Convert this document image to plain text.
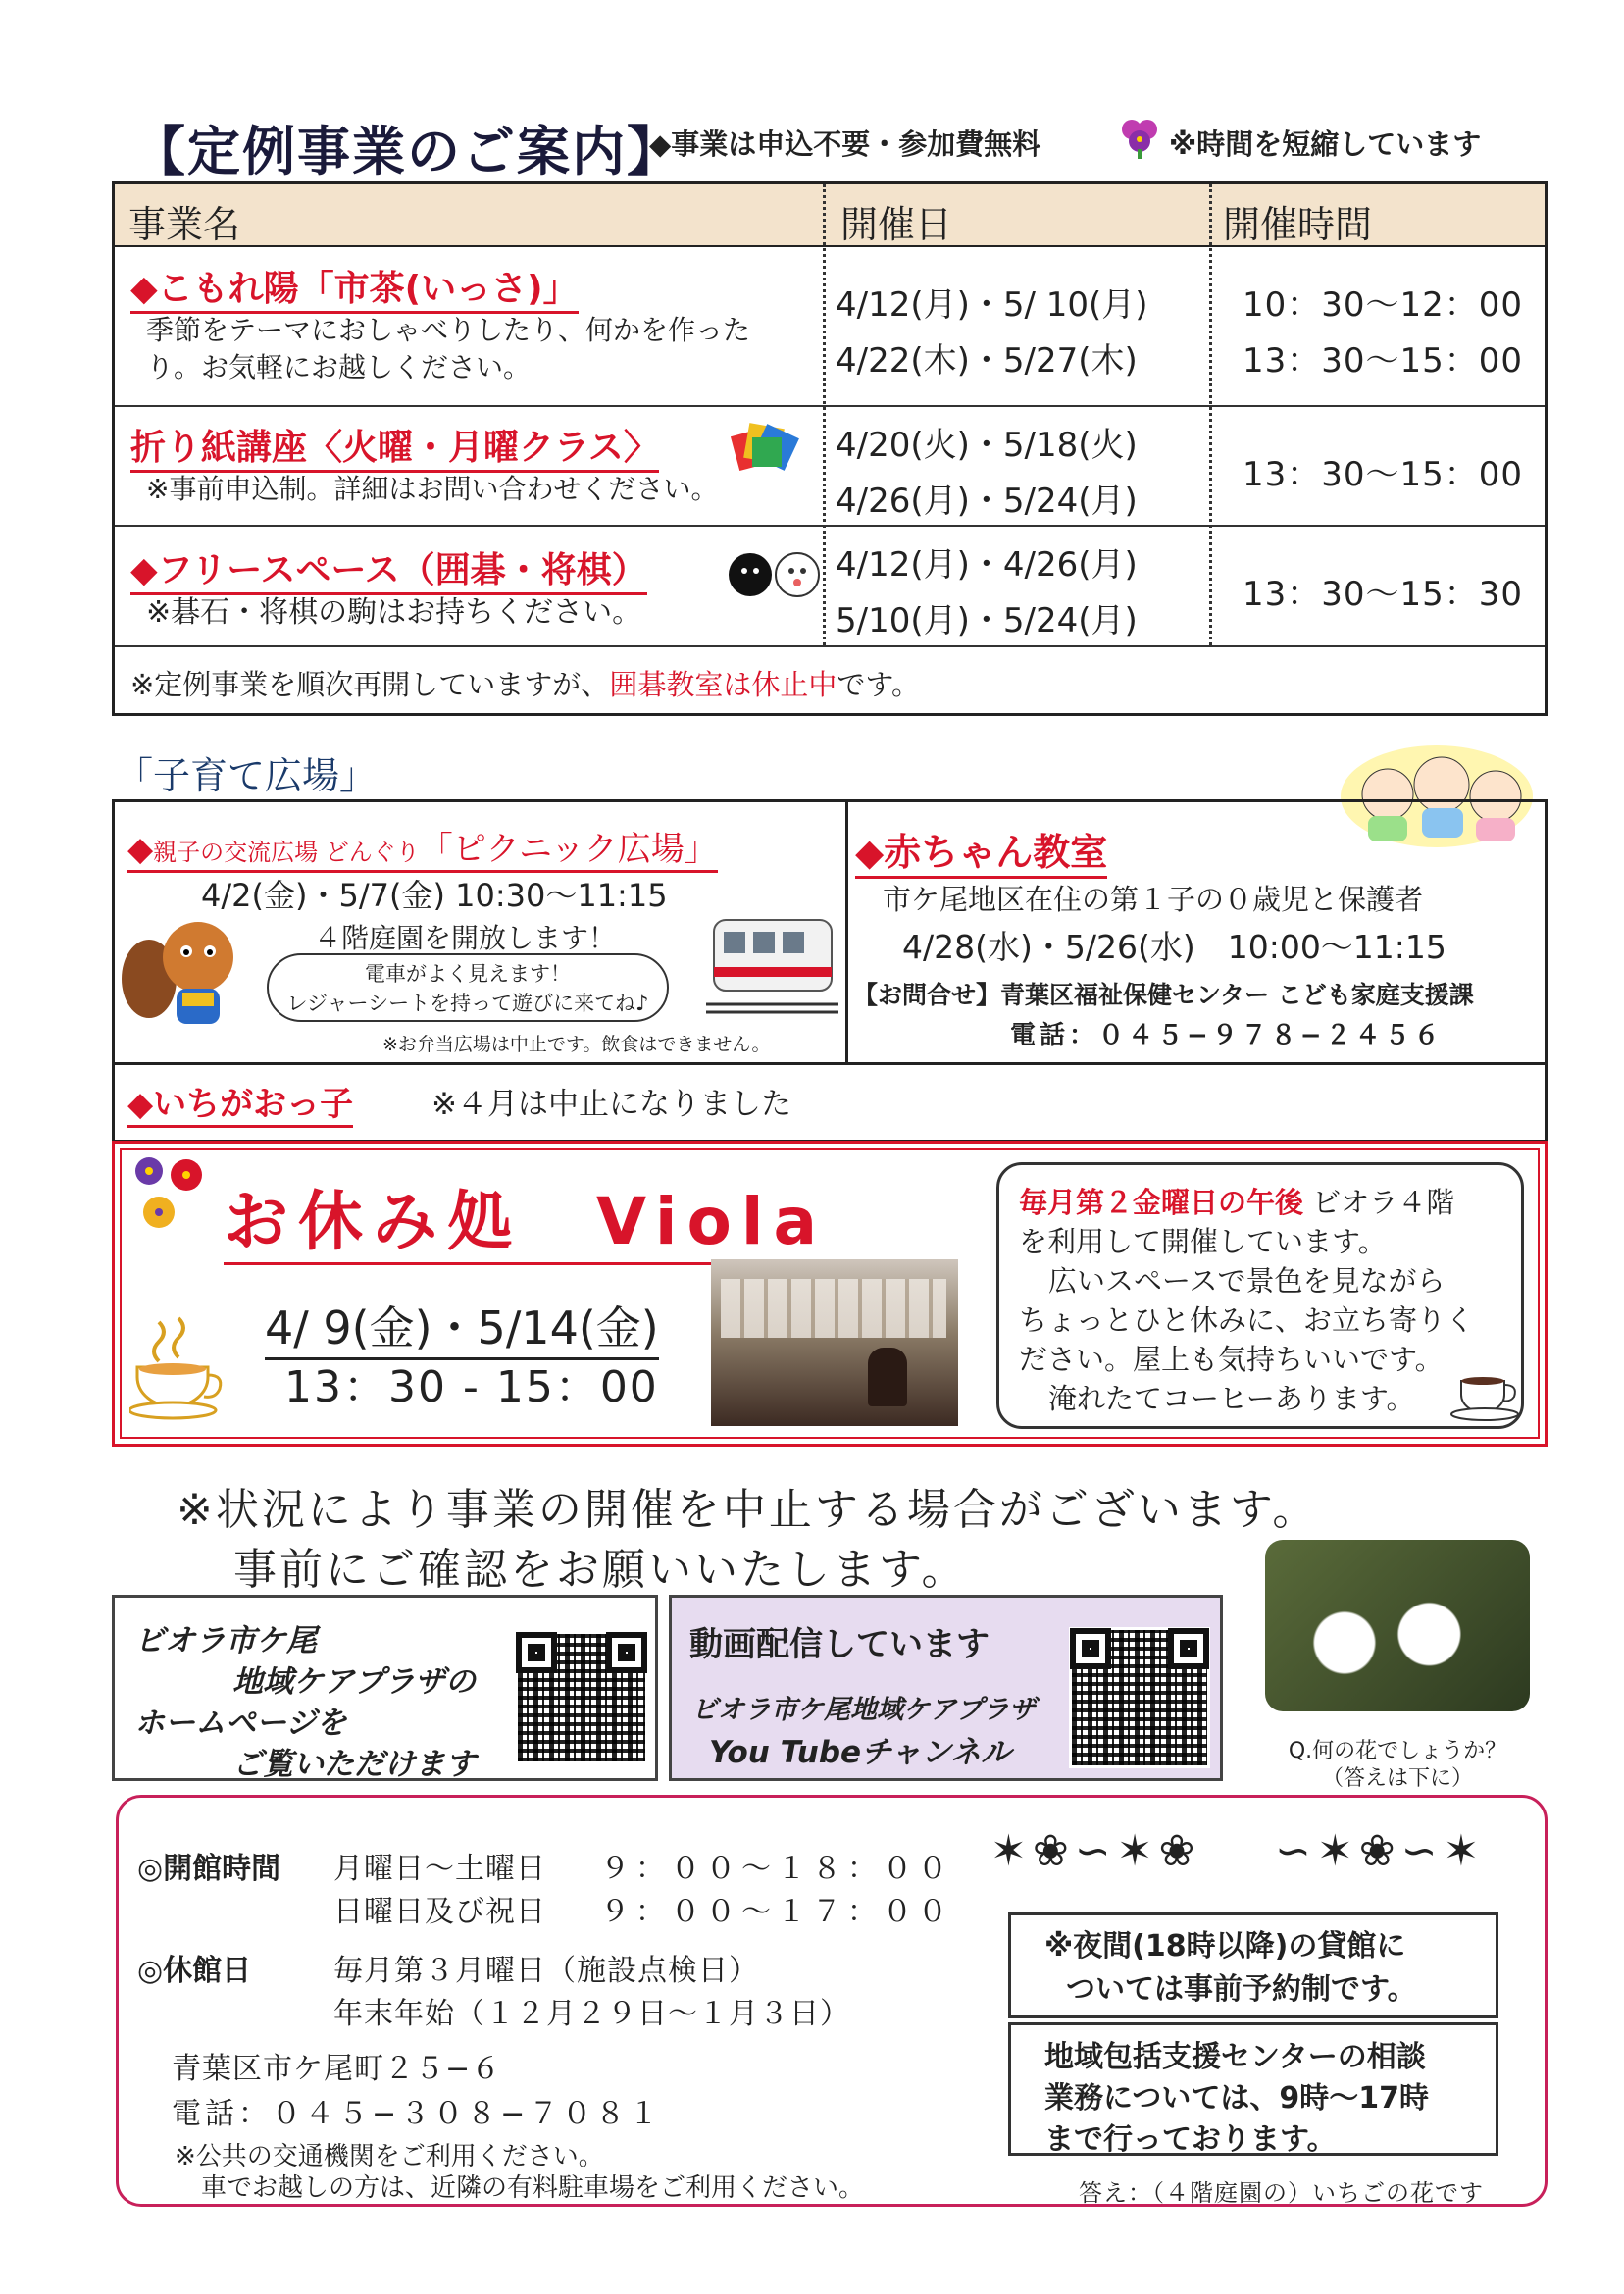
【定例事業のご案内】
◆事業は申込不要・参加費無料	※時間を短縮しています
事業名	開催日	開催時間
◆こもれ陽「市茶(いっさ)」
季節をテーマにおしゃべりしたり、何かを作った
り。お気軽にお越しください。
4/12(月)・5/ 10(月)
4/22(木)・5/27(木)
10：30〜12：00
13：30〜15：00
折り紙講座〈火曜・月曜クラス〉
※事前申込制。詳細はお問い合わせください。
4/20(火)・5/18(火)
4/26(月)・5/24(月)
13：30〜15：00
◆フリースペース（囲碁・将棋）
※碁石・将棋の駒はお持ちください。
4/12(月)・4/26(月)
5/10(月)・5/24(月)
13：30〜15：30
※定例事業を順次再開していますが、囲碁教室は休止中です。
「子育て広場」
◆親子の交流広場 どんぐり「ピクニック広場」
4/2(金)・5/7(金) 10:30〜11:15
４階庭園を開放します！
電車がよく見えます！
レジャーシートを持って遊びに来てね♪
※お弁当広場は中止です。飲食はできません。
◆赤ちゃん教室
市ケ尾地区在住の第１子の０歳児と保護者
4/28(水)・5/26(水)　10:00〜11:15
【お問合せ】青葉区福祉保健センター こども家庭支援課
電話：０４５−９７８−２４５６
◆いちがおっ子	※４月は中止になりました
お休み処　Viola
4/ 9(金)・5/14(金)
13：30 - 15：00
毎月第２金曜日の午後 ビオラ４階
を利用して開催しています。
広いスペースで景色を見ながら
ちょっとひと休みに、お立ち寄りく
ださい。屋上も気持ちいいです。
淹れたてコーヒーあります。
※状況により事業の開催を中止する場合がございます。
事前にご確認をお願いいたします。
ビオラ市ケ尾
地域ケアプラザの
ホームページを
ご覧いただけます
動画配信しています
ビオラ市ケ尾地域ケアプラザ
You Tubeチャンネル	Q.何の花でしょうか？
（答えは下に）
◎開館時間 月曜日〜土曜日 ９：００〜１８：００
日曜日及び祝日 ９：００〜１７：００
◎休館日	毎月第３月曜日（施設点検日）
年末年始（１２月２９日〜１月３日）
青葉区市ケ尾町２５−６
電話：０４５−３０８−７０８１
※公共の交通機関をご利用ください。
車でお越しの方は、近隣の有料駐車場をご利用ください。
✶❀∽✶❀ ∽✶❀∽✶
※夜間(18時以降)の貸館に
ついては事前予約制です。
地域包括支援センターの相談
業務については、9時〜17時
まで行っております。
答え：（４階庭園の）いちごの花です
